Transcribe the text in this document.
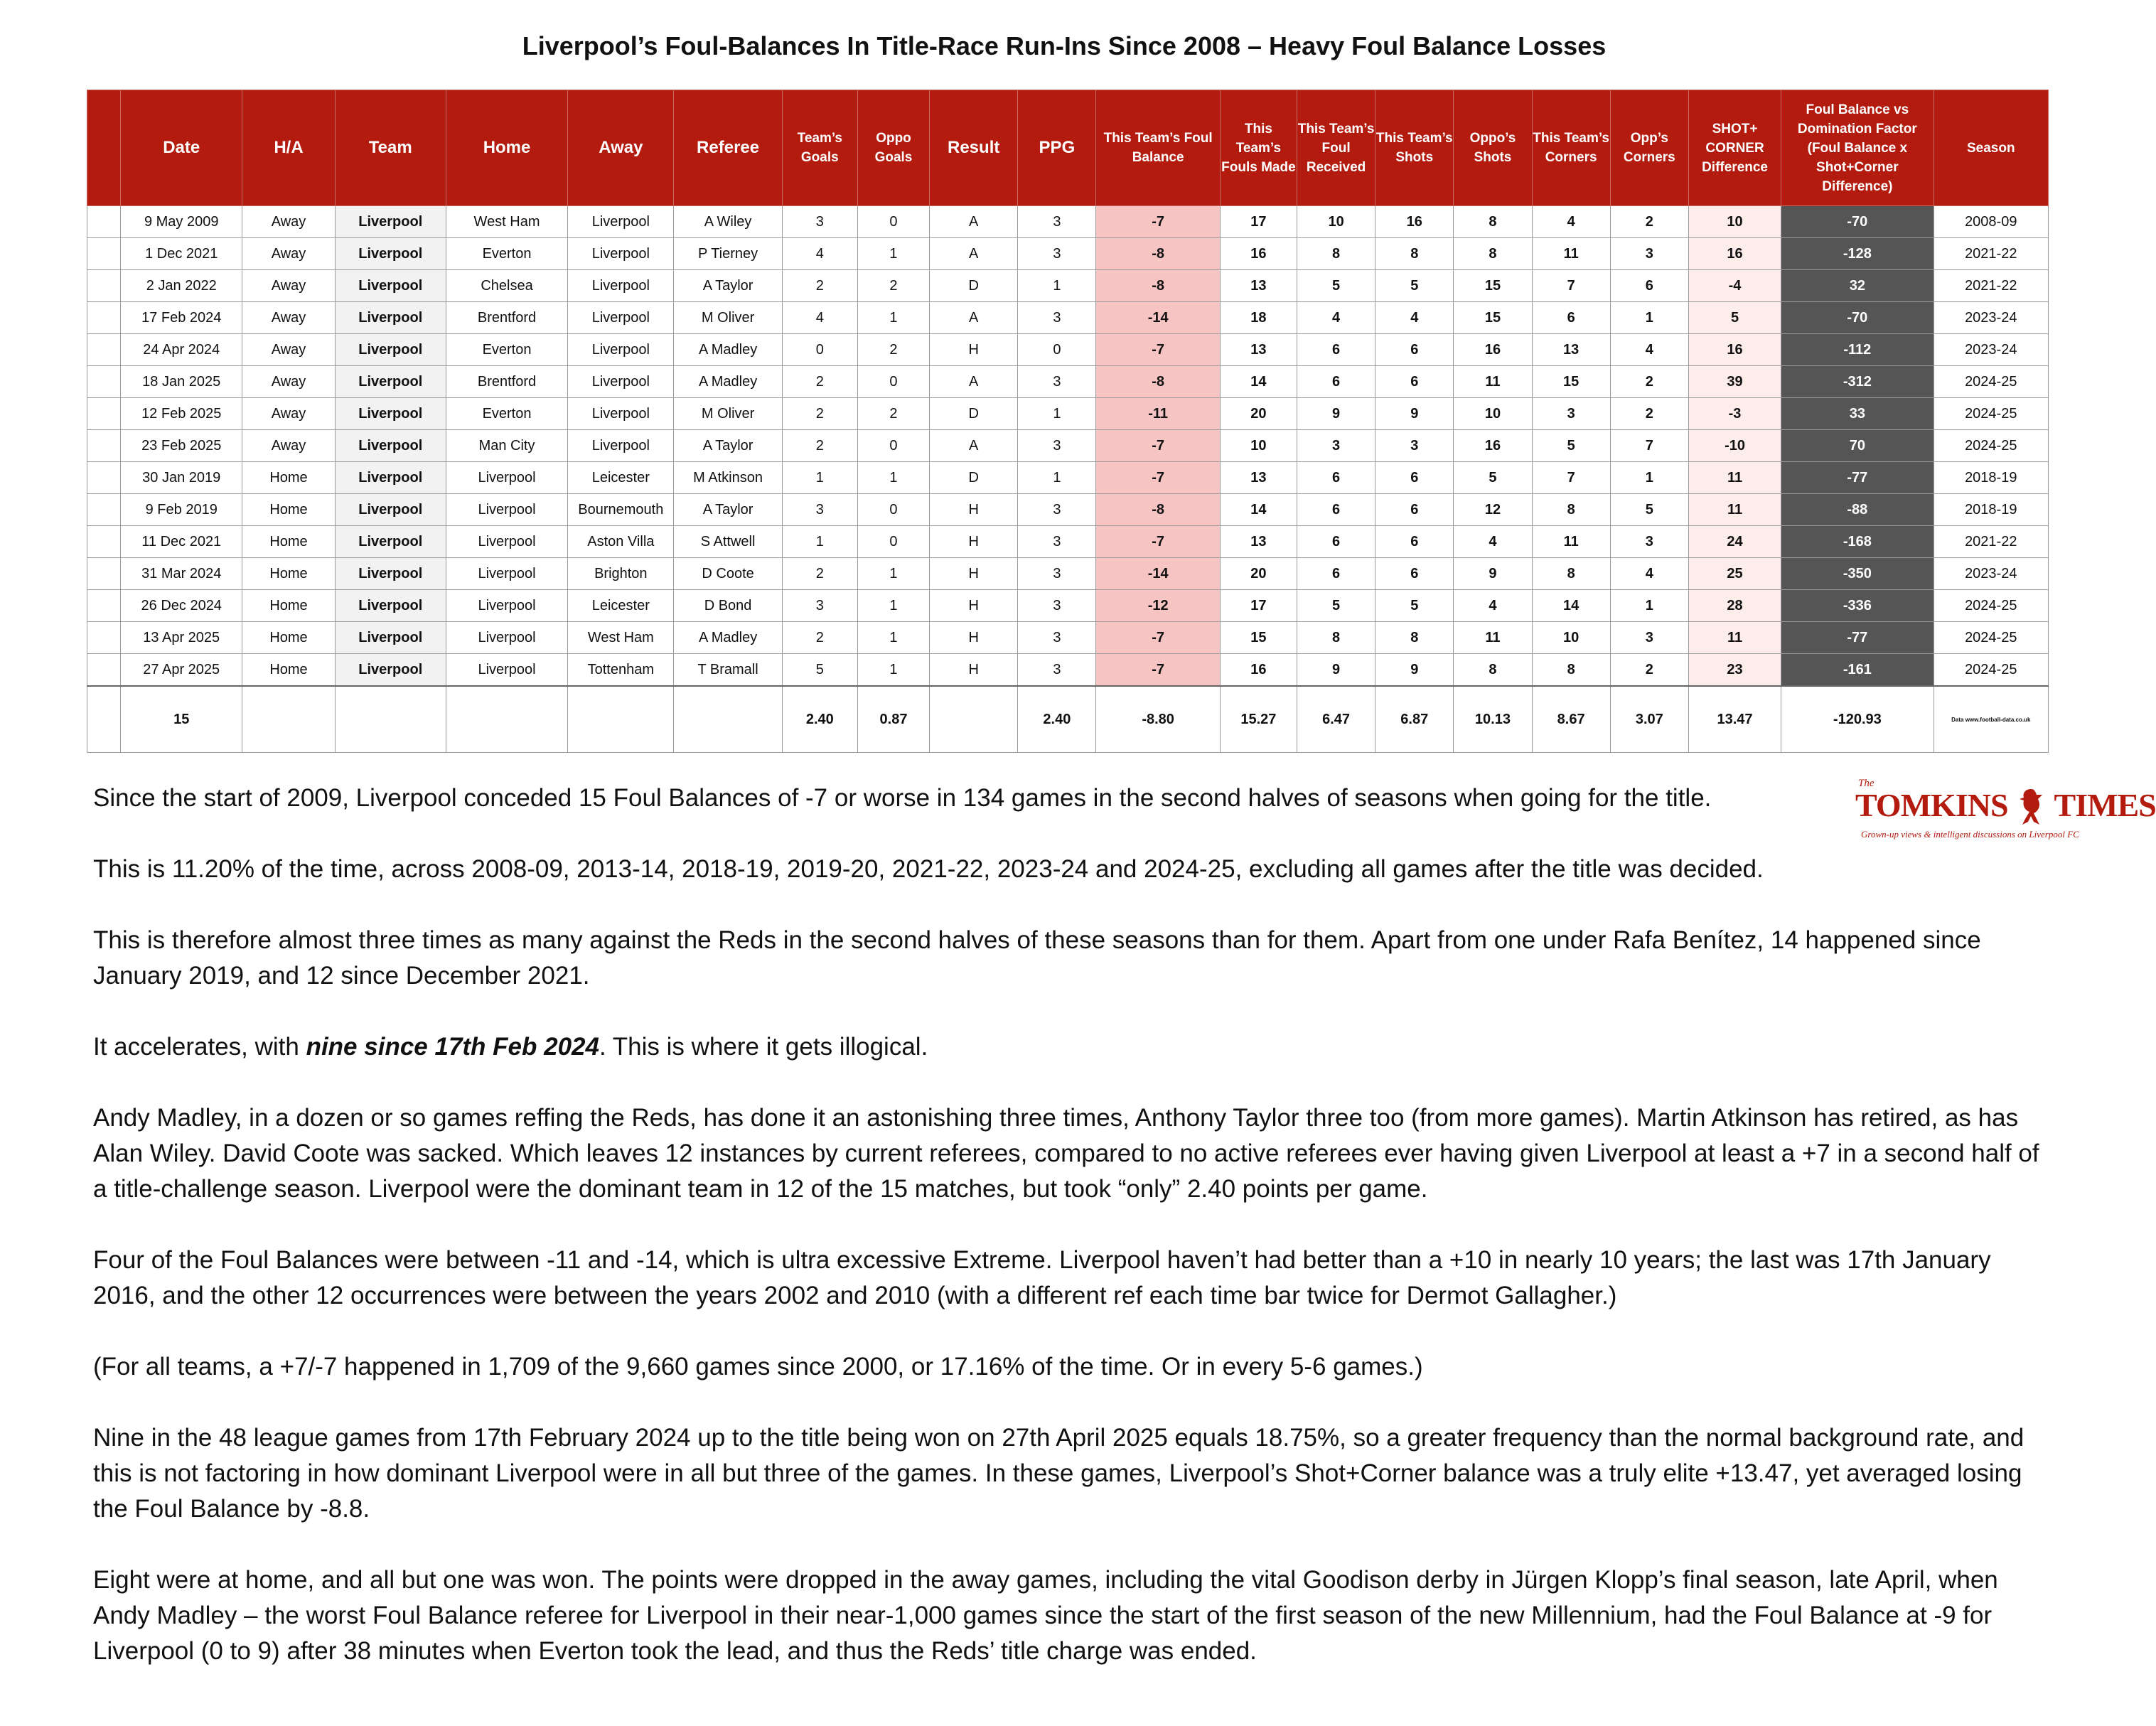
Liverpool’s Foul-Balances In Title-Race Run-Ins Since 2008 – Heavy Foul Balance Losses
	Date	H/A	Team	Home	Away	Referee	Team’s Goals	Oppo Goals	Result	PPG	This Team’s Foul Balance	This Team’s Fouls Made	This Team’s Foul Received	This Team’s Shots	Oppo’s Shots	This Team’s Corners	Opp’s Corners	SHOT+ CORNER Difference	Foul Balance vs Domination Factor (Foul Balance x Shot+Corner Difference)	Season
	9 May 2009	Away	Liverpool	West Ham	Liverpool	A Wiley	3	0	A	3	-7	17	10	16	8	4	2	10	-70	2008-09
	1 Dec 2021	Away	Liverpool	Everton	Liverpool	P Tierney	4	1	A	3	-8	16	8	8	8	11	3	16	-128	2021-22
	2 Jan 2022	Away	Liverpool	Chelsea	Liverpool	A Taylor	2	2	D	1	-8	13	5	5	15	7	6	-4	32	2021-22
	17 Feb 2024	Away	Liverpool	Brentford	Liverpool	M Oliver	4	1	A	3	-14	18	4	4	15	6	1	5	-70	2023-24
	24 Apr 2024	Away	Liverpool	Everton	Liverpool	A Madley	0	2	H	0	-7	13	6	6	16	13	4	16	-112	2023-24
	18 Jan 2025	Away	Liverpool	Brentford	Liverpool	A Madley	2	0	A	3	-8	14	6	6	11	15	2	39	-312	2024-25
	12 Feb 2025	Away	Liverpool	Everton	Liverpool	M Oliver	2	2	D	1	-11	20	9	9	10	3	2	-3	33	2024-25
	23 Feb 2025	Away	Liverpool	Man City	Liverpool	A Taylor	2	0	A	3	-7	10	3	3	16	5	7	-10	70	2024-25
	30 Jan 2019	Home	Liverpool	Liverpool	Leicester	M Atkinson	1	1	D	1	-7	13	6	6	5	7	1	11	-77	2018-19
	9 Feb 2019	Home	Liverpool	Liverpool	Bournemouth	A Taylor	3	0	H	3	-8	14	6	6	12	8	5	11	-88	2018-19
	11 Dec 2021	Home	Liverpool	Liverpool	Aston Villa	S Attwell	1	0	H	3	-7	13	6	6	4	11	3	24	-168	2021-22
	31 Mar 2024	Home	Liverpool	Liverpool	Brighton	D Coote	2	1	H	3	-14	20	6	6	9	8	4	25	-350	2023-24
	26 Dec 2024	Home	Liverpool	Liverpool	Leicester	D Bond	3	1	H	3	-12	17	5	5	4	14	1	28	-336	2024-25
	13 Apr 2025	Home	Liverpool	Liverpool	West Ham	A Madley	2	1	H	3	-7	15	8	8	11	10	3	11	-77	2024-25
	27 Apr 2025	Home	Liverpool	Liverpool	Tottenham	T Bramall	5	1	H	3	-7	16	9	9	8	8	2	23	-161	2024-25
	15						2.40	0.87		2.40	-8.80	15.27	6.47	6.87	10.13	8.67	3.07	13.47	-120.93	Data www.football-data.co.uk
The
TOMKINS TIMES
Grown-up views & intelligent discussions on Liverpool FC

Since the start of 2009, Liverpool conceded 15 Foul Balances of -7 or worse in 134 games in the second halves of seasons when going for the title.

This is 11.20% of the time, across 2008-09, 2013-14, 2018-19, 2019-20, 2021-22, 2023-24 and 2024-25, excluding all games after the title was decided.

This is therefore almost three times as many against the Reds in the second halves of these seasons than for them. Apart from one under Rafa Benítez, 14 happened since January 2019, and 12 since December 2021.

It accelerates, with nine since 17th Feb 2024. This is where it gets illogical.

Andy Madley, in a dozen or so games reffing the Reds, has done it an astonishing three times, Anthony Taylor three too (from more games). Martin Atkinson has retired, as has Alan Wiley. David Coote was sacked. Which leaves 12 instances by current referees, compared to no active referees ever having given Liverpool at least a +7 in a second half of a title-challenge season. Liverpool were the dominant team in 12 of the 15 matches, but took “only” 2.40 points per game.

Four of the Foul Balances were between -11 and -14, which is ultra excessive Extreme. Liverpool haven’t had better than a +10 in nearly 10 years; the last was 17th January 2016, and the other 12 occurrences were between the years 2002 and 2010 (with a different ref each time bar twice for Dermot Gallagher.)

(For all teams, a +7/-7 happened in 1,709 of the 9,660 games since 2000, or 17.16% of the time. Or in every 5-6 games.)

Nine in the 48 league games from 17th February 2024 up to the title being won on 27th April 2025 equals 18.75%, so a greater frequency than the normal background rate, and this is not factoring in how dominant Liverpool were in all but three of the games. In these games, Liverpool’s Shot+Corner balance was a truly elite +13.47, yet averaged losing the Foul Balance by -8.8.

Eight were at home, and all but one was won. The points were dropped in the away games, including the vital Goodison derby in Jürgen Klopp’s final season, late April, when Andy Madley – the worst Foul Balance referee for Liverpool in their near-1,000 games since the start of the first season of the new Millennium, had the Foul Balance at -9 for Liverpool (0 to 9) after 38 minutes when Everton took the lead, and thus the Reds’ title charge was ended.
